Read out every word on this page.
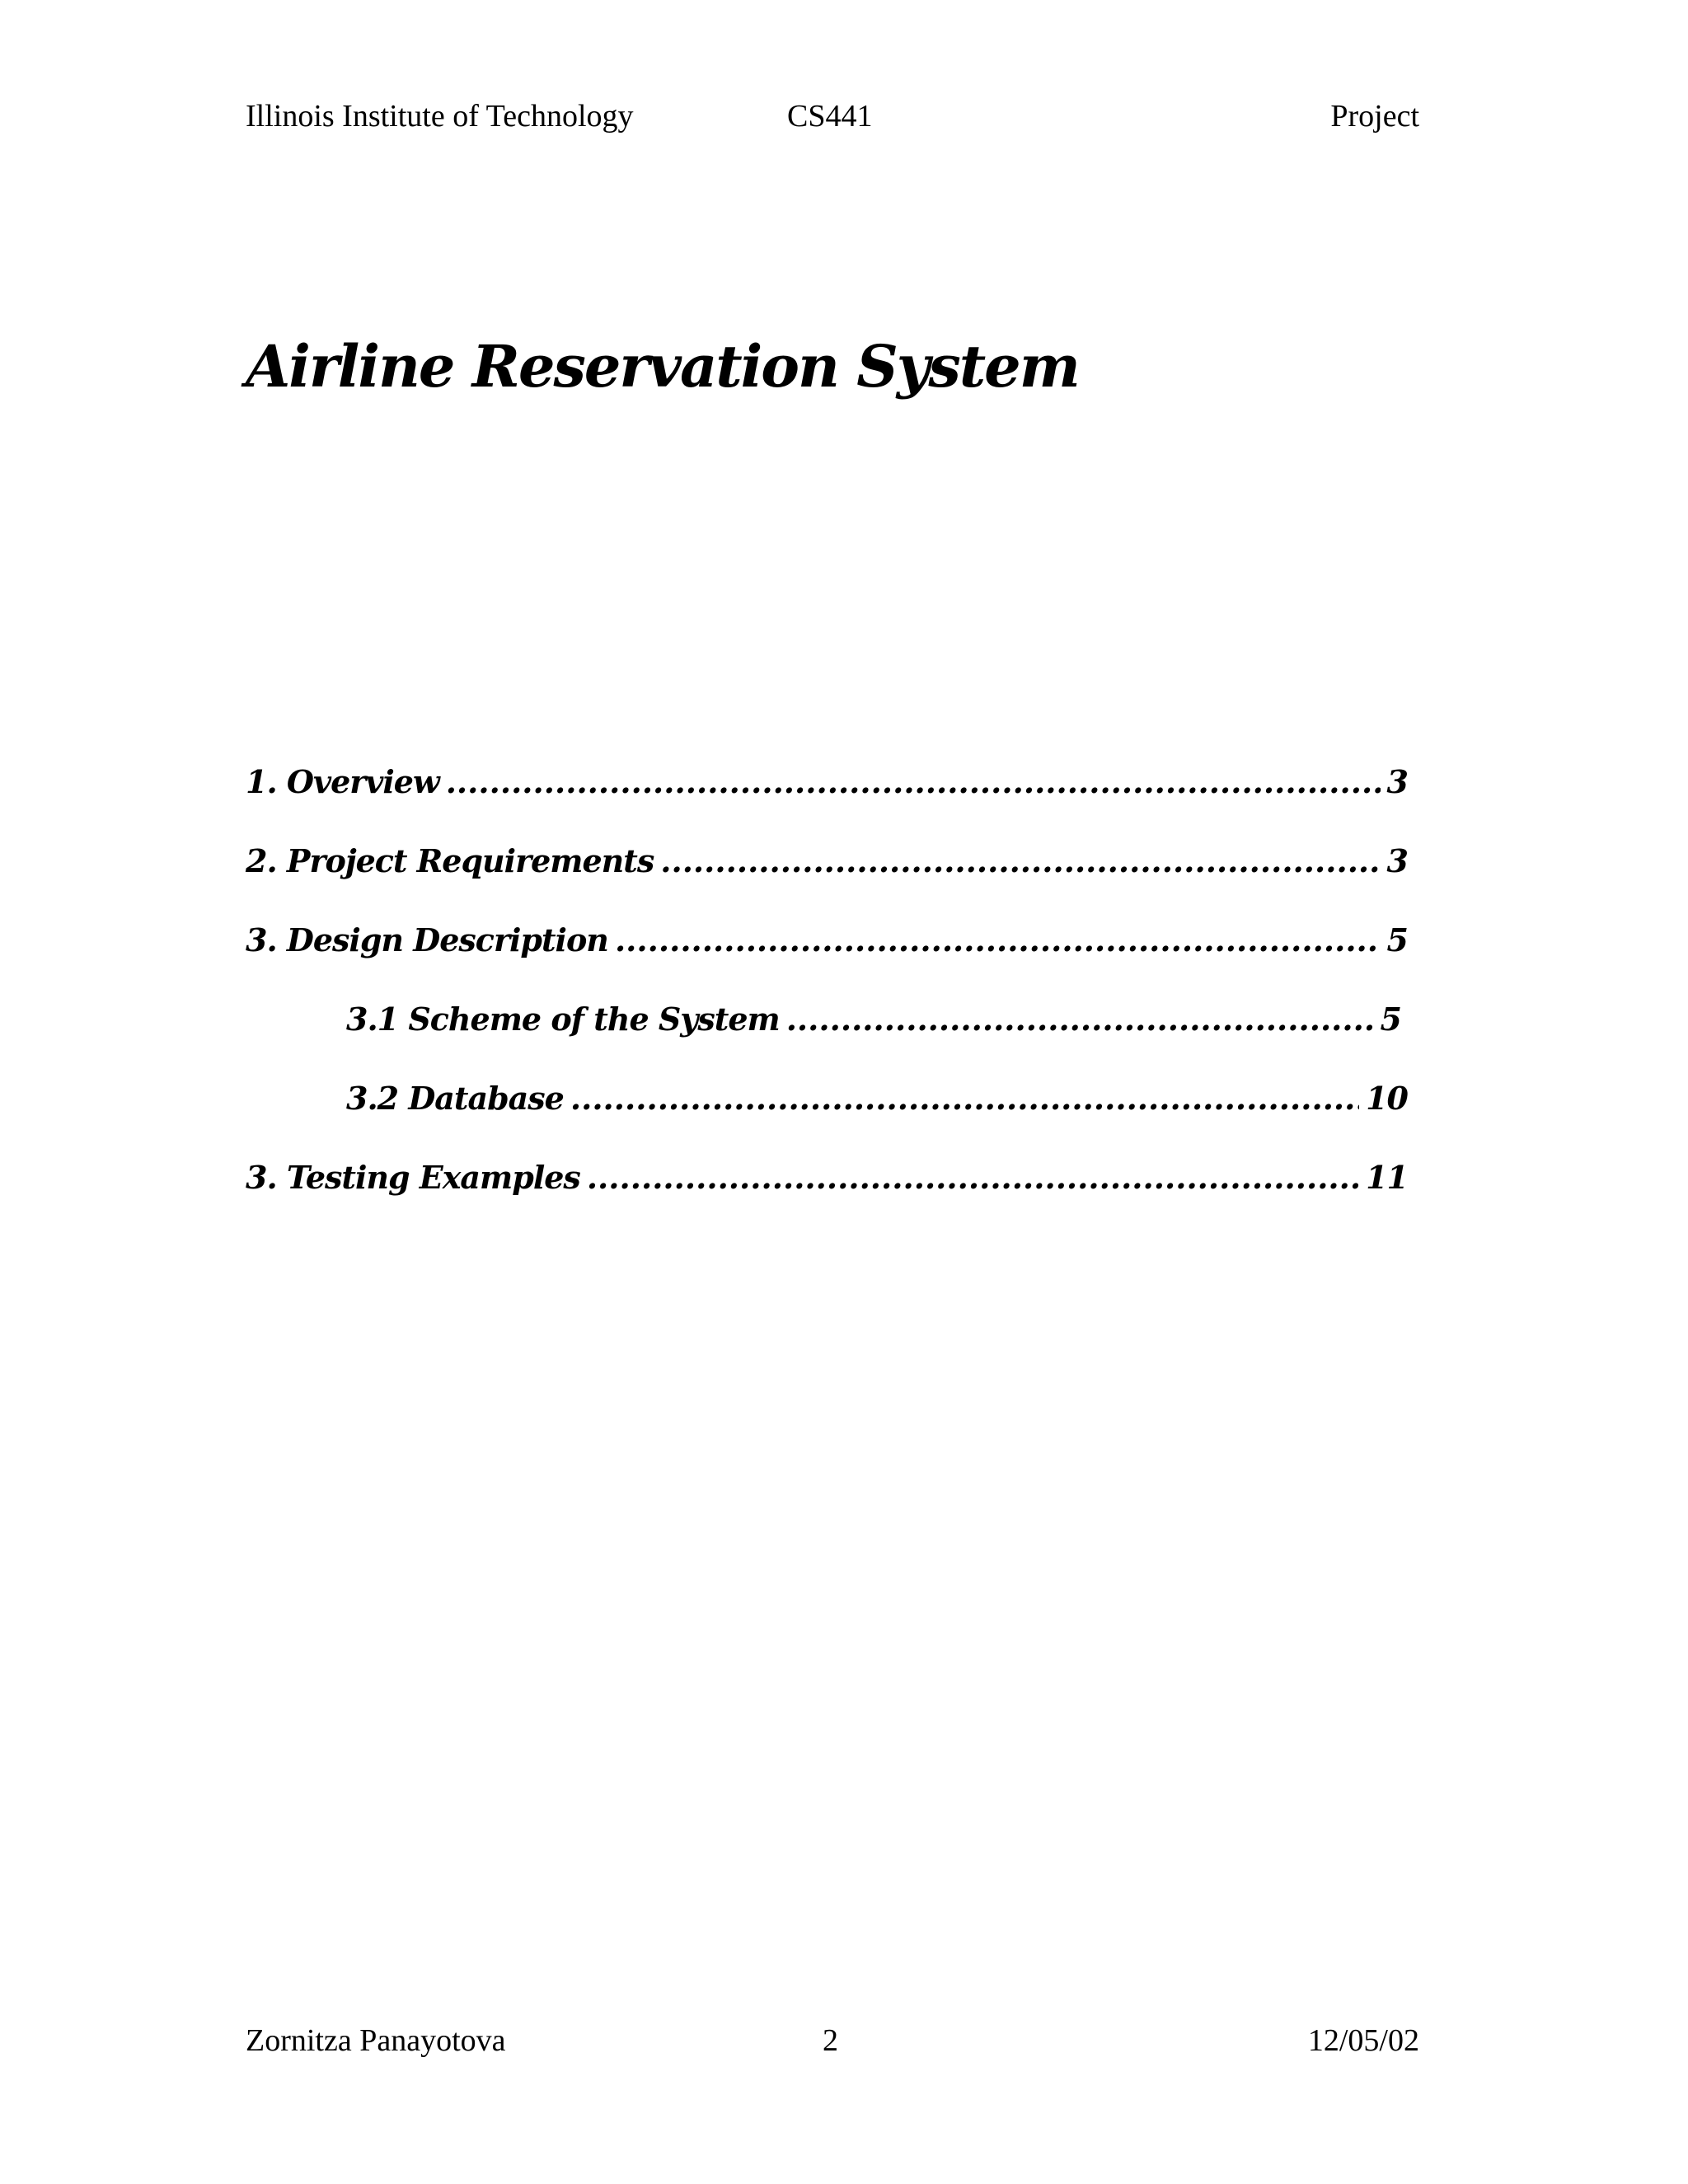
Illinois Institute of Technology	CS441	Project
Airline Reservation System
1. Overview .....	3
2. Project Requirements .....	3
3. Design Description .....	5
3.1 Scheme of the System .....	5
3.2 Database .....	10
3. Testing Examples .....	11
Zornitza Panayotova	2	12/05/02
